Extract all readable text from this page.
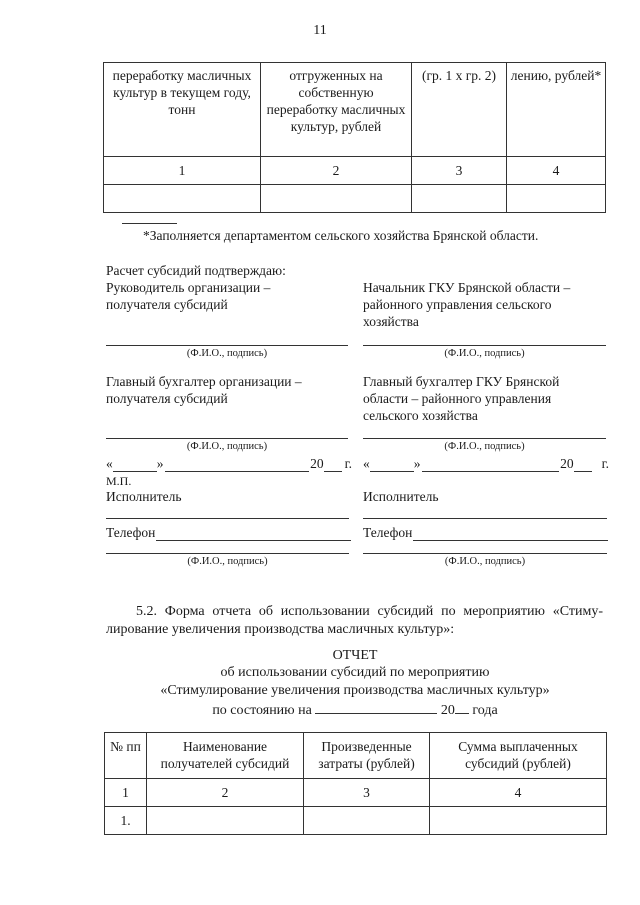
11
переработку масличных культур в текущем году, тонн	отгруженных на собственную переработку масличных культур, рублей	(гр. 1 х гр. 2)	лению, рублей*
1	2	3	4

*Заполняется департаментом сельского хозяйства Брянской области.
Расчет субсидий подтверждаю:
Руководитель организации – получателя субсидий
Начальник ГКУ Брянской области – районного управления сельского хозяйства
(Ф.И.О., подпись)	(Ф.И.О., подпись)
Главный бухгалтер организации – получателя субсидий
Главный бухгалтер ГКУ Брянской области – районного управления сельского хозяйства
(Ф.И.О., подпись)	(Ф.И.О., подпись)
«	»	20 г. «	»	20 г.
М.П.
Исполнитель	Исполнитель
Телефон	Телефон
(Ф.И.О., подпись)	(Ф.И.О., подпись)
5.2. Форма отчета об использовании субсидий по мероприятию «Стимулирование увеличения производства масличных культур»:
ОТЧЕТ
об использовании субсидий по мероприятию
«Стимулирование увеличения производства масличных культур»
по состоянию на	20 года
№ пп	Наименование получателей субсидий	Произведенные затраты (рублей)	Сумма выплаченных субсидий (рублей)
1	2	3	4
1.			
